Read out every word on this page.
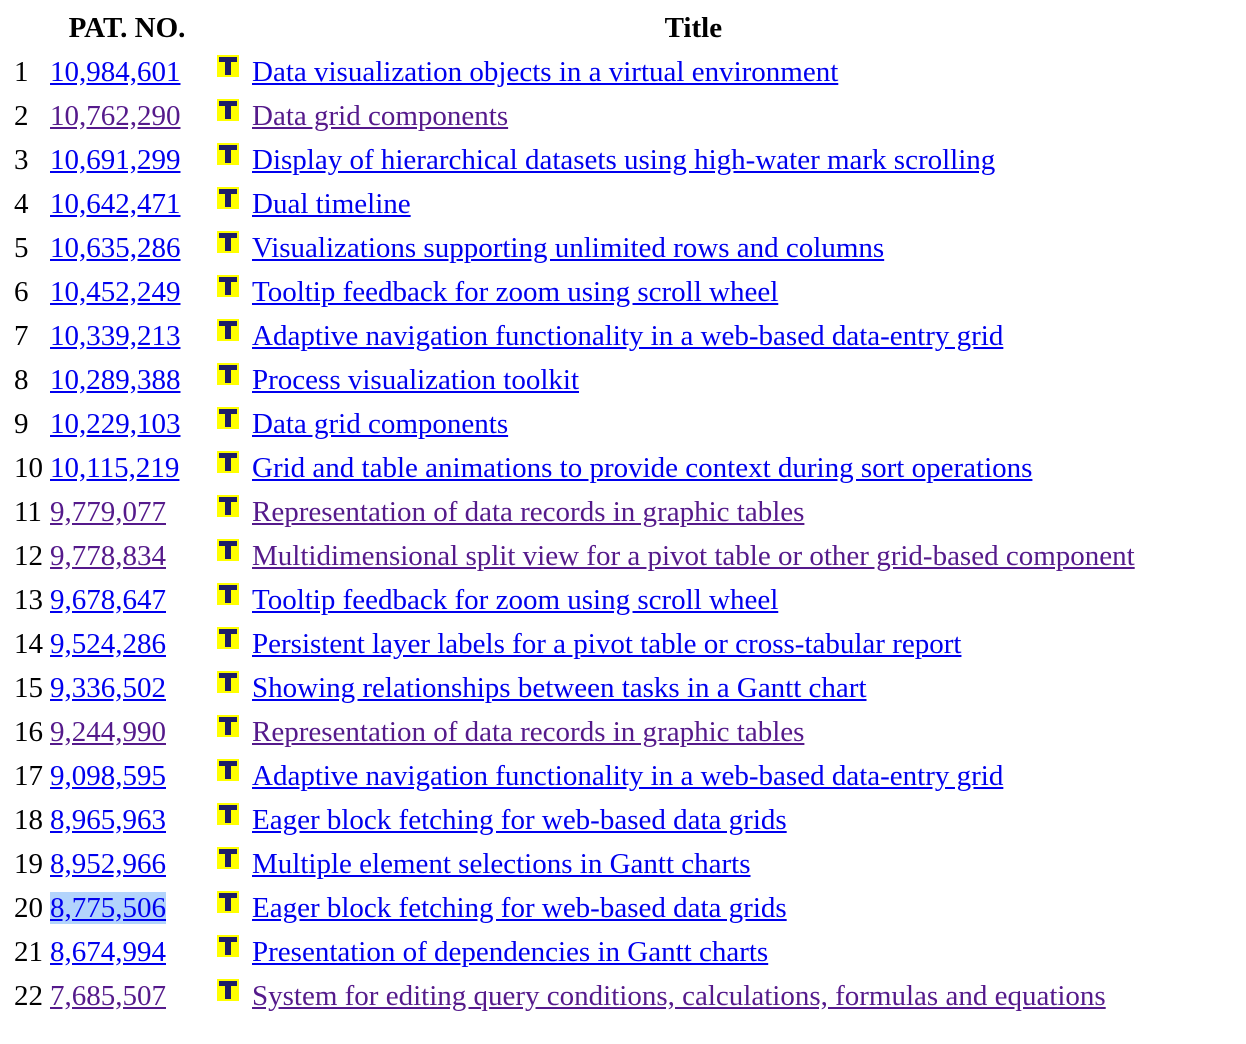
	PAT. NO.		Title
1	10,984,601		Data visualization objects in a virtual environment
2	10,762,290		Data grid components
3	10,691,299		Display of hierarchical datasets using high-water mark scrolling
4	10,642,471		Dual timeline
5	10,635,286		Visualizations supporting unlimited rows and columns
6	10,452,249		Tooltip feedback for zoom using scroll wheel
7	10,339,213		Adaptive navigation functionality in a web-based data-entry grid
8	10,289,388		Process visualization toolkit
9	10,229,103		Data grid components
10	10,115,219		Grid and table animations to provide context during sort operations
11	9,779,077		Representation of data records in graphic tables
12	9,778,834		Multidimensional split view for a pivot table or other grid-based component
13	9,678,647		Tooltip feedback for zoom using scroll wheel
14	9,524,286		Persistent layer labels for a pivot table or cross-tabular report
15	9,336,502		Showing relationships between tasks in a Gantt chart
16	9,244,990		Representation of data records in graphic tables
17	9,098,595		Adaptive navigation functionality in a web-based data-entry grid
18	8,965,963		Eager block fetching for web-based data grids
19	8,952,966		Multiple element selections in Gantt charts
20	8,775,506		Eager block fetching for web-based data grids
21	8,674,994		Presentation of dependencies in Gantt charts
22	7,685,507		System for editing query conditions, calculations, formulas and equations
